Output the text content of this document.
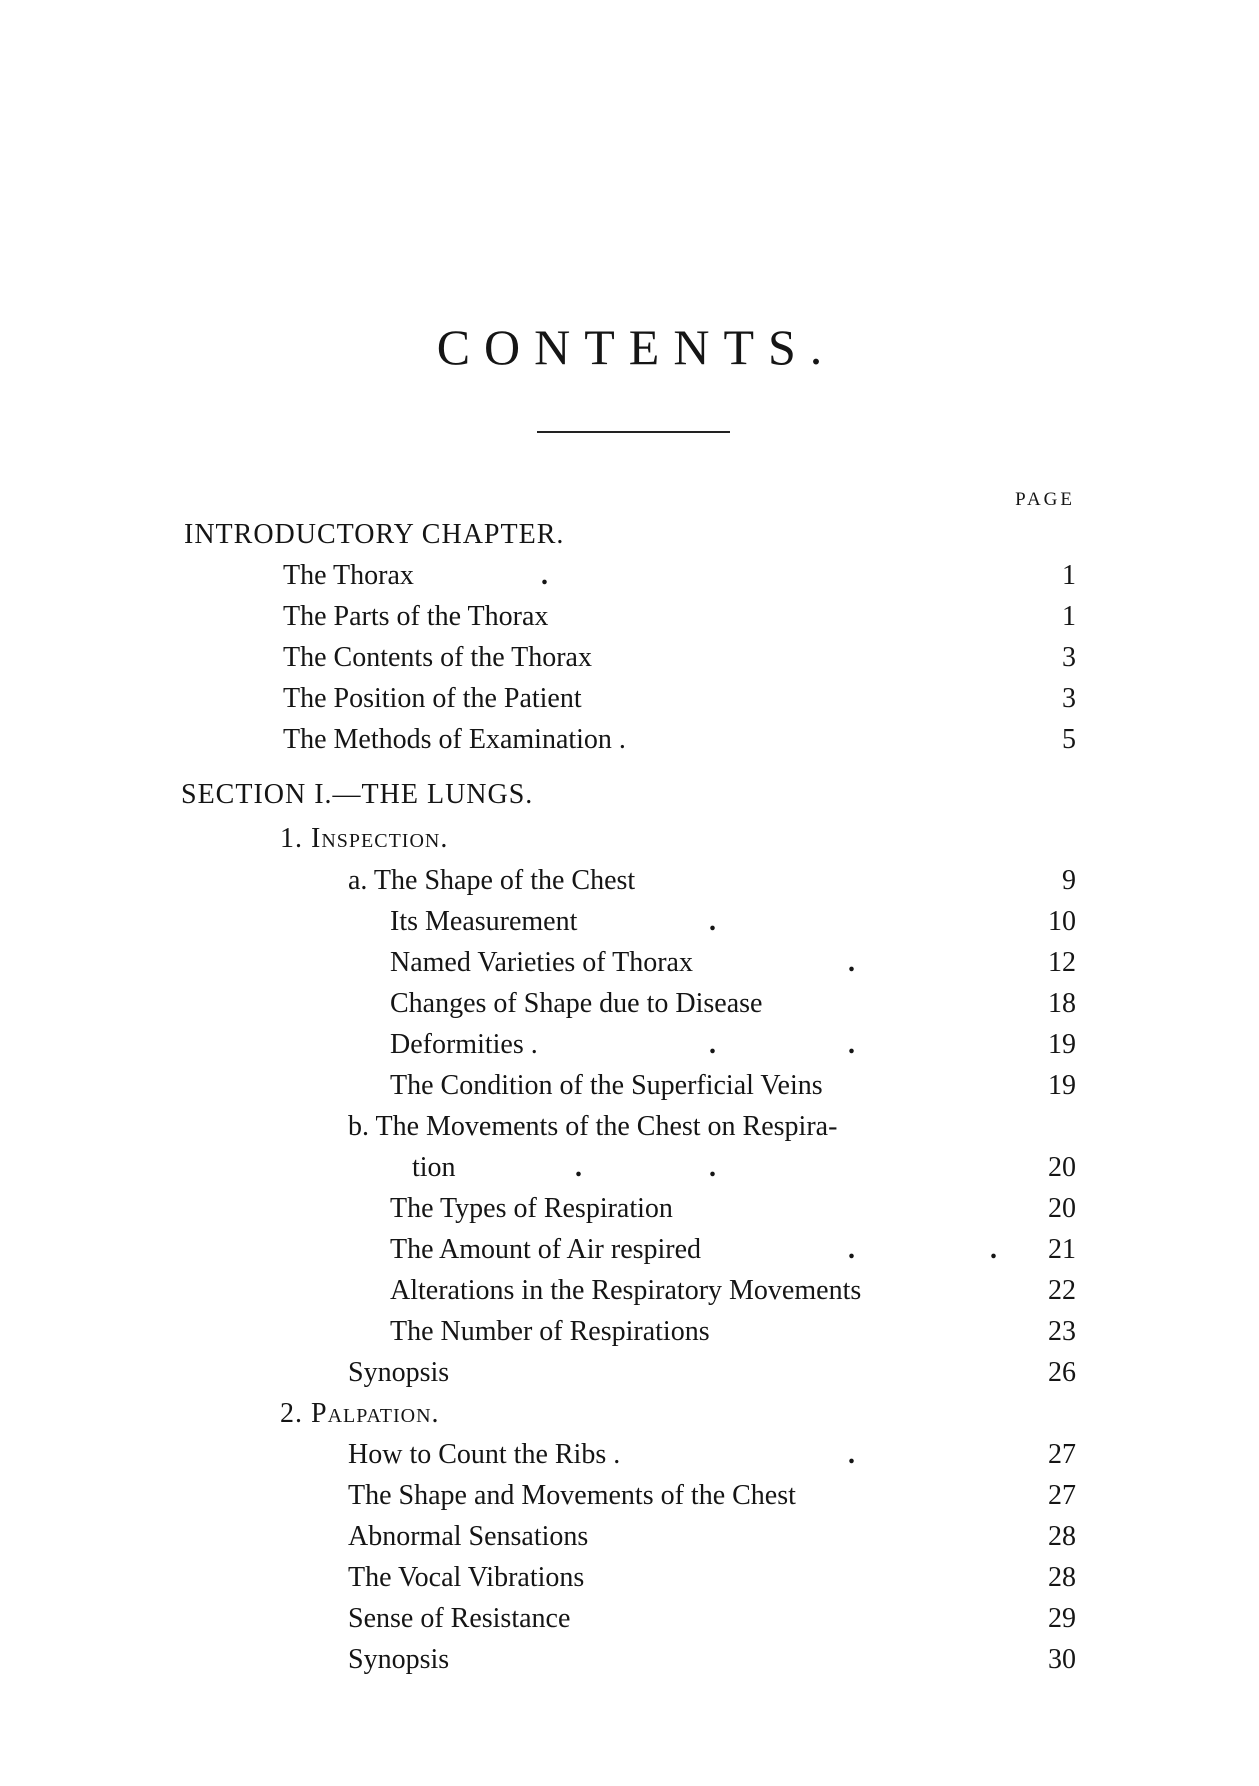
CONTENTS.
PAGE
INTRODUCTORY CHAPTER.
The Thorax	.	1
The Parts of the Thorax	1
The Contents of the Thorax	3
The Position of the Patient	3
The Methods of Examination .	5
SECTION I.—THE LUNGS.
1. Inspection.
a. The Shape of the Chest	9
Its Measurement	.	10
Named Varieties of Thorax	.	12
Changes of Shape due to Disease	18
Deformities .	.	.	19
The Condition of the Superficial Veins	19
b. The Movements of the Chest on Respira-
tion	.	.	20
The Types of Respiration	20
The Amount of Air respired	.	. 21
Alterations in the Respiratory Movements	22
The Number of Respirations	23
Synopsis	26
2. Palpation.
How to Count the Ribs .	.	27
The Shape and Movements of the Chest	27
Abnormal Sensations	28
The Vocal Vibrations	28
Sense of Resistance	29
Synopsis	30
